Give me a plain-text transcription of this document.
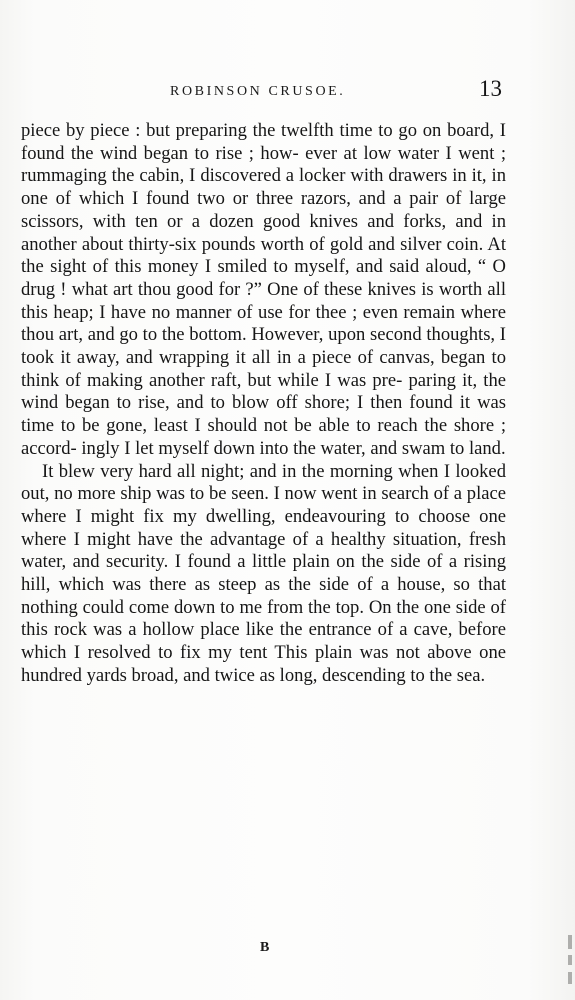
ROBINSON CRUSOE.	13

piece by piece : but preparing the twelfth time to go on board, I found the wind began to rise ; how- ever at low water I went ; rummaging the cabin, I discovered a locker with drawers in it, in one of which I found two or three razors, and a pair of large scissors, with ten or a dozen good knives and forks, and in another about thirty-six pounds worth of gold and silver coin. At the sight of this money I smiled to myself, and said aloud, “ O drug ! what art thou good for ?” One of these knives is worth all this heap; I have no manner of use for thee ; even remain where thou art, and go to the bottom. However, upon second thoughts, I took it away, and wrapping it all in a piece of canvas, began to think of making another raft, but while I was pre- paring it, the wind began to rise, and to blow off shore; I then found it was time to be gone, least I should not be able to reach the shore ; accord- ingly I let myself down into the water, and swam to land.

It blew very hard all night; and in the morning when I looked out, no more ship was to be seen. I now went in search of a place where I might fix my dwelling, endeavouring to choose one where I might have the advantage of a healthy situation, fresh water, and security. I found a little plain on the side of a rising hill, which was there as steep as the side of a house, so that nothing could come down to me from the top. On the one side of this rock was a hollow place like the entrance of a cave, before which I resolved to fix my tent This plain was not above one hundred yards broad, and twice as long, descending to the sea.

B
